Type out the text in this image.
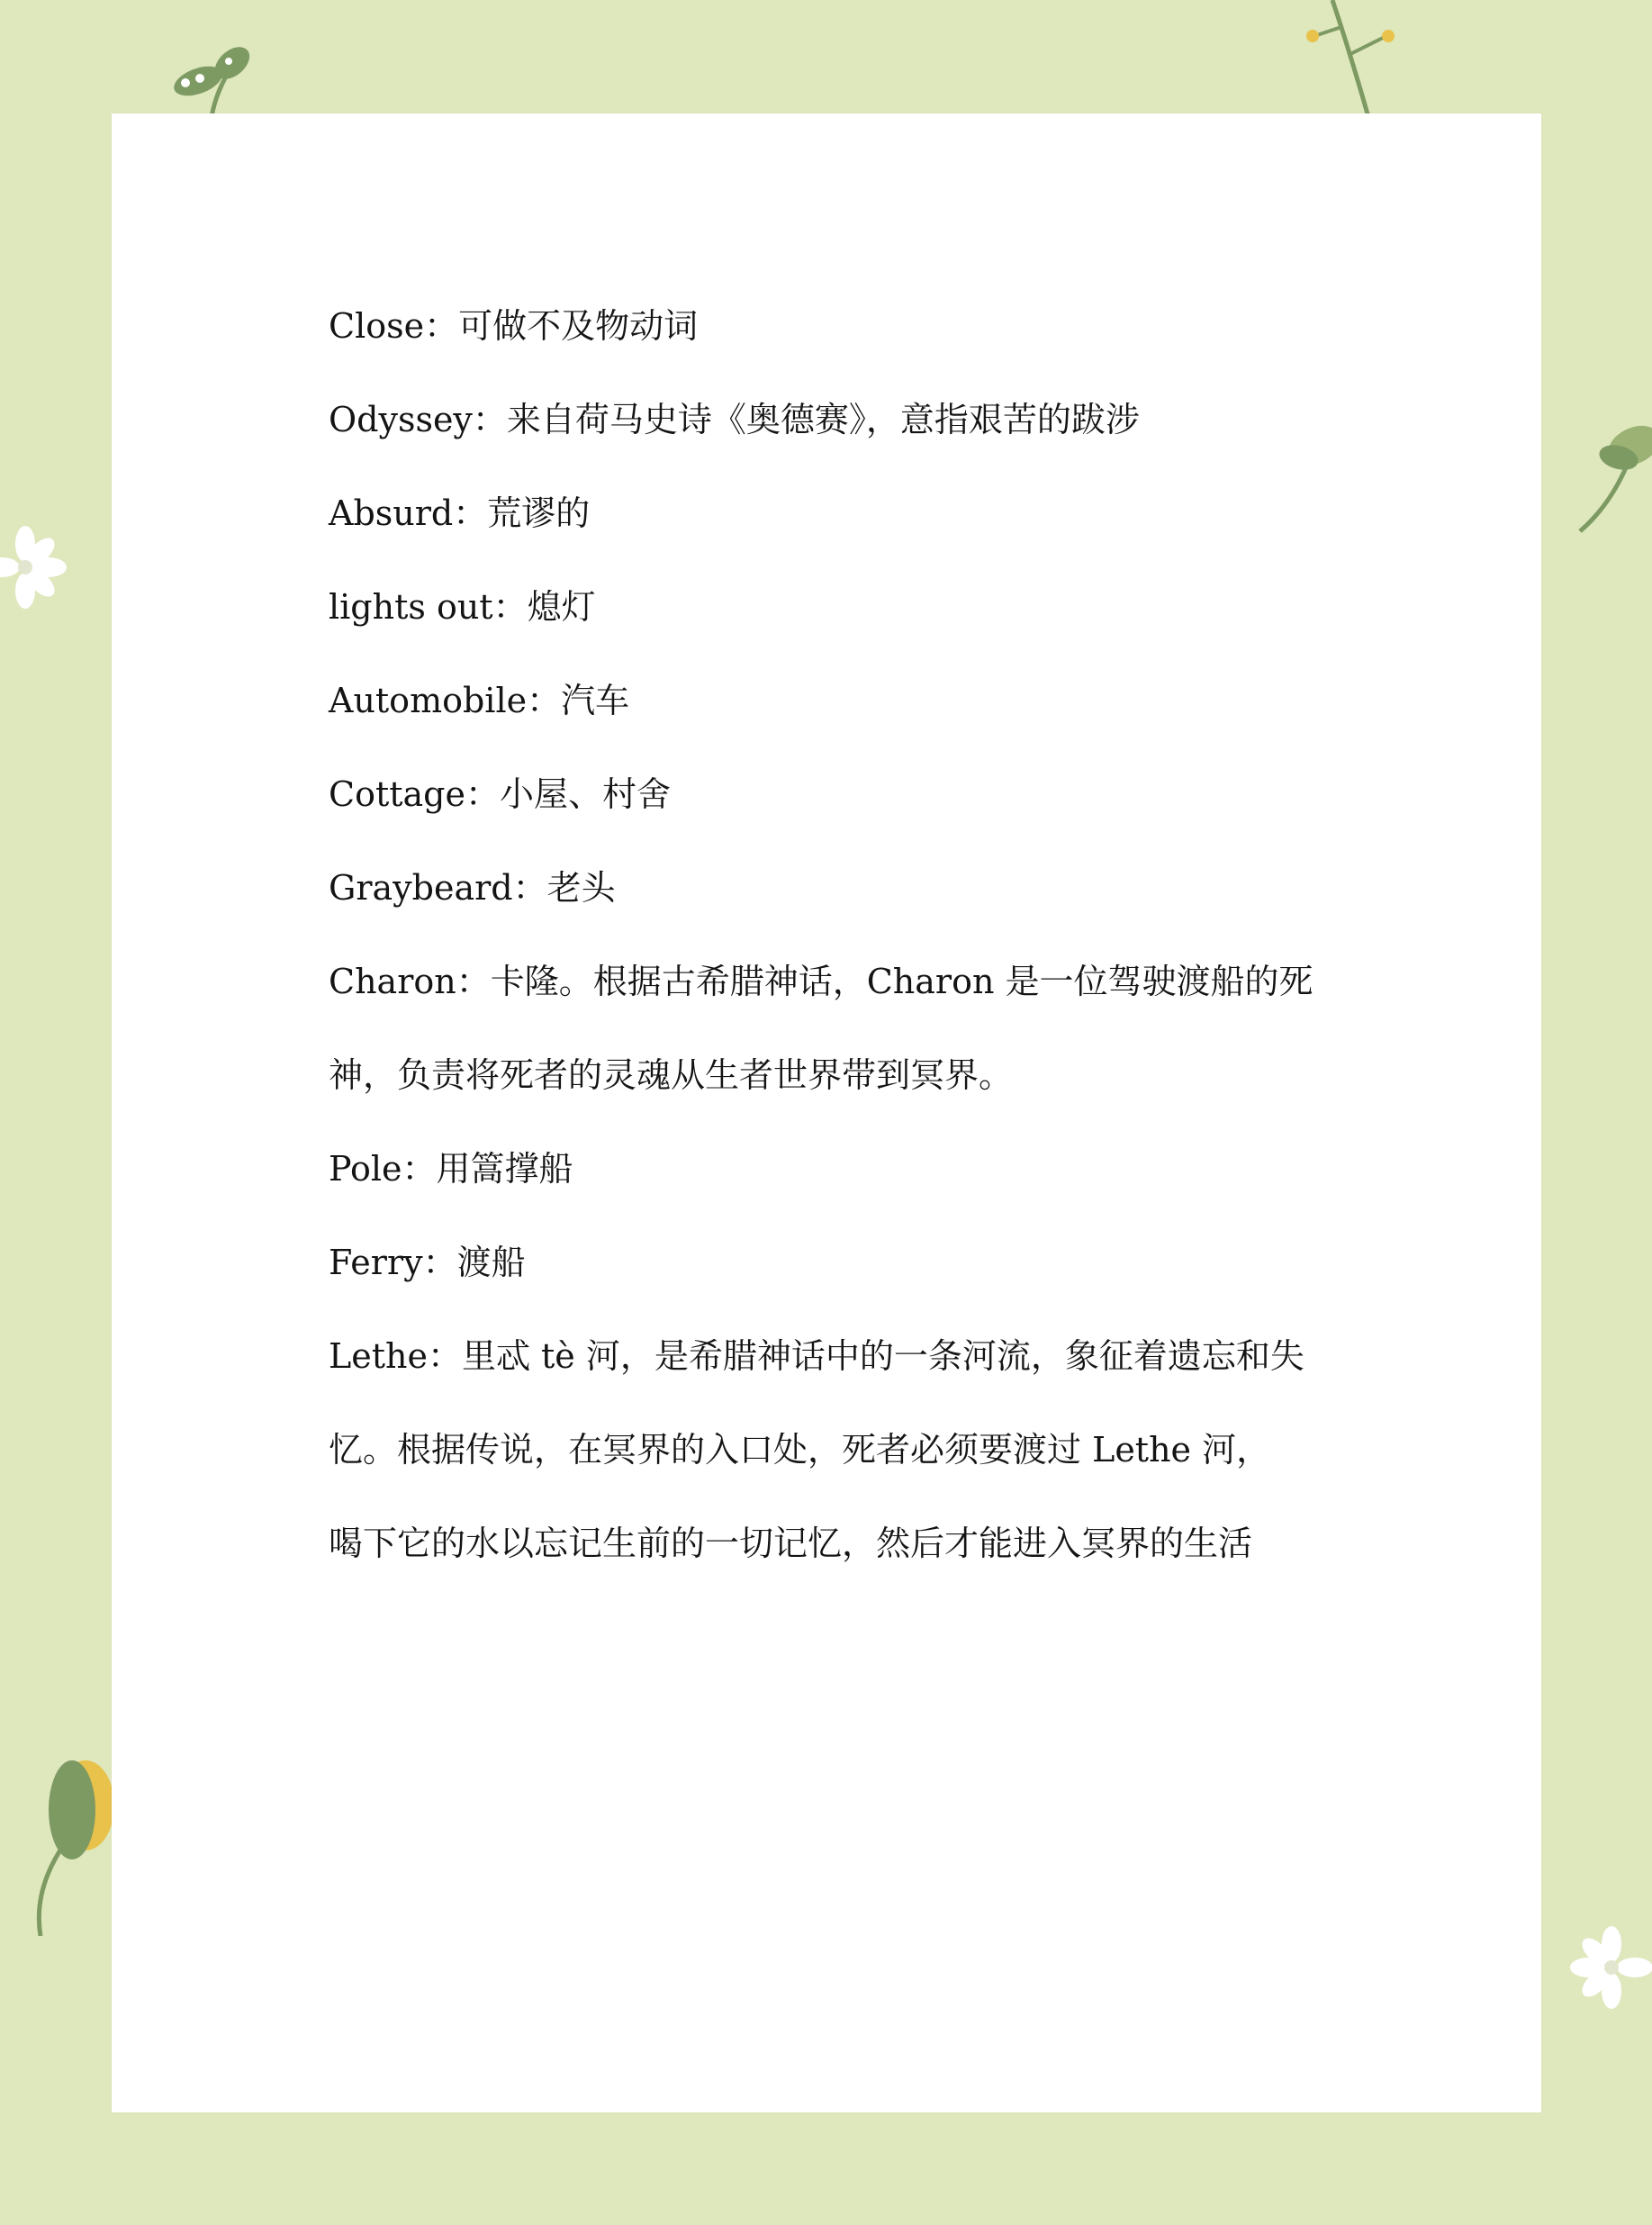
Close：可做不及物动词
Odyssey：来自荷马史诗《奥德赛》，意指艰苦的跋涉
Absurd：荒谬的
lights out：熄灯
Automobile：汽车
Cottage：小屋、村舍
Graybeard：老头
Charon：卡隆。根据古希腊神话，Charon 是一位驾驶渡船的死
神，负责将死者的灵魂从生者世界带到冥界。
Pole：用篙撑船
Ferry：渡船
Lethe：里忒 tè 河，是希腊神话中的一条河流，象征着遗忘和失
忆。根据传说，在冥界的入口处，死者必须要渡过 Lethe 河，
喝下它的水以忘记生前的一切记忆，然后才能进入冥界的生活
